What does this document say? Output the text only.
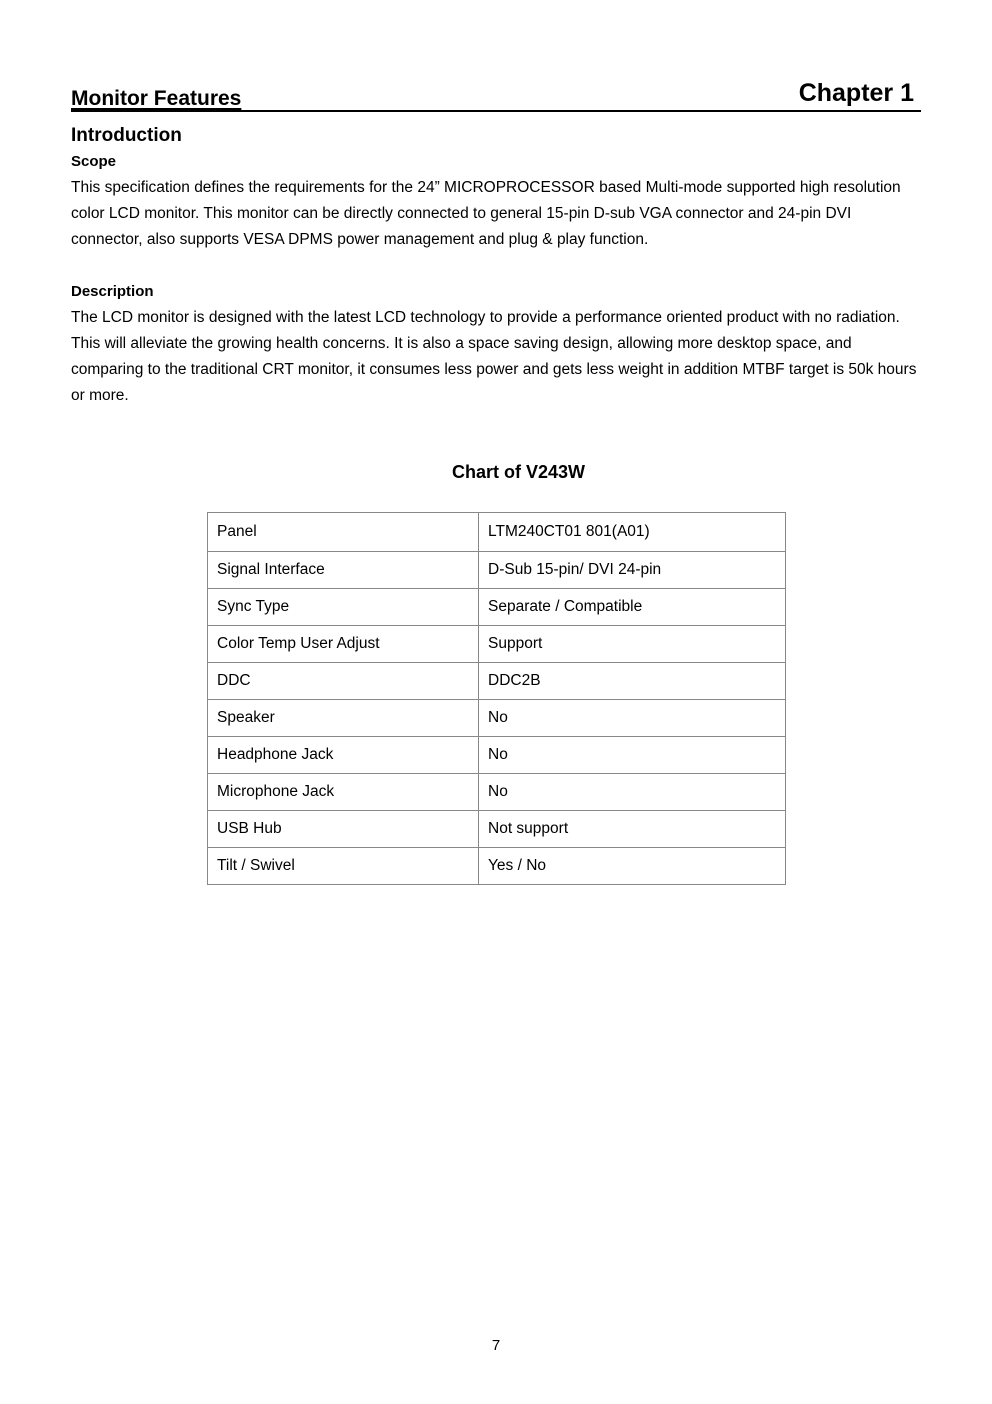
Monitor Features	Chapter 1
Introduction
Scope
This specification defines the requirements for the 24” MICROPROCESSOR based Multi-mode supported high resolution color LCD monitor. This monitor can be directly connected to general 15-pin D-sub VGA connector and 24-pin DVI connector, also supports VESA DPMS power management and plug & play function.
Description
The LCD monitor is designed with the latest LCD technology to provide a performance oriented product with no radiation. This will alleviate the growing health concerns. It is also a space saving design, allowing more desktop space, and comparing to the traditional CRT monitor, it consumes less power and gets less weight in addition MTBF target is 50k hours or more.
Chart of V243W
Panel	LTM240CT01 801(A01)
Signal Interface	D-Sub 15-pin/ DVI 24-pin
Sync Type	Separate / Compatible
Color Temp User Adjust	Support
DDC	DDC2B
Speaker	No
Headphone Jack	No
Microphone Jack	No
USB Hub	Not support
Tilt / Swivel	Yes / No
7
